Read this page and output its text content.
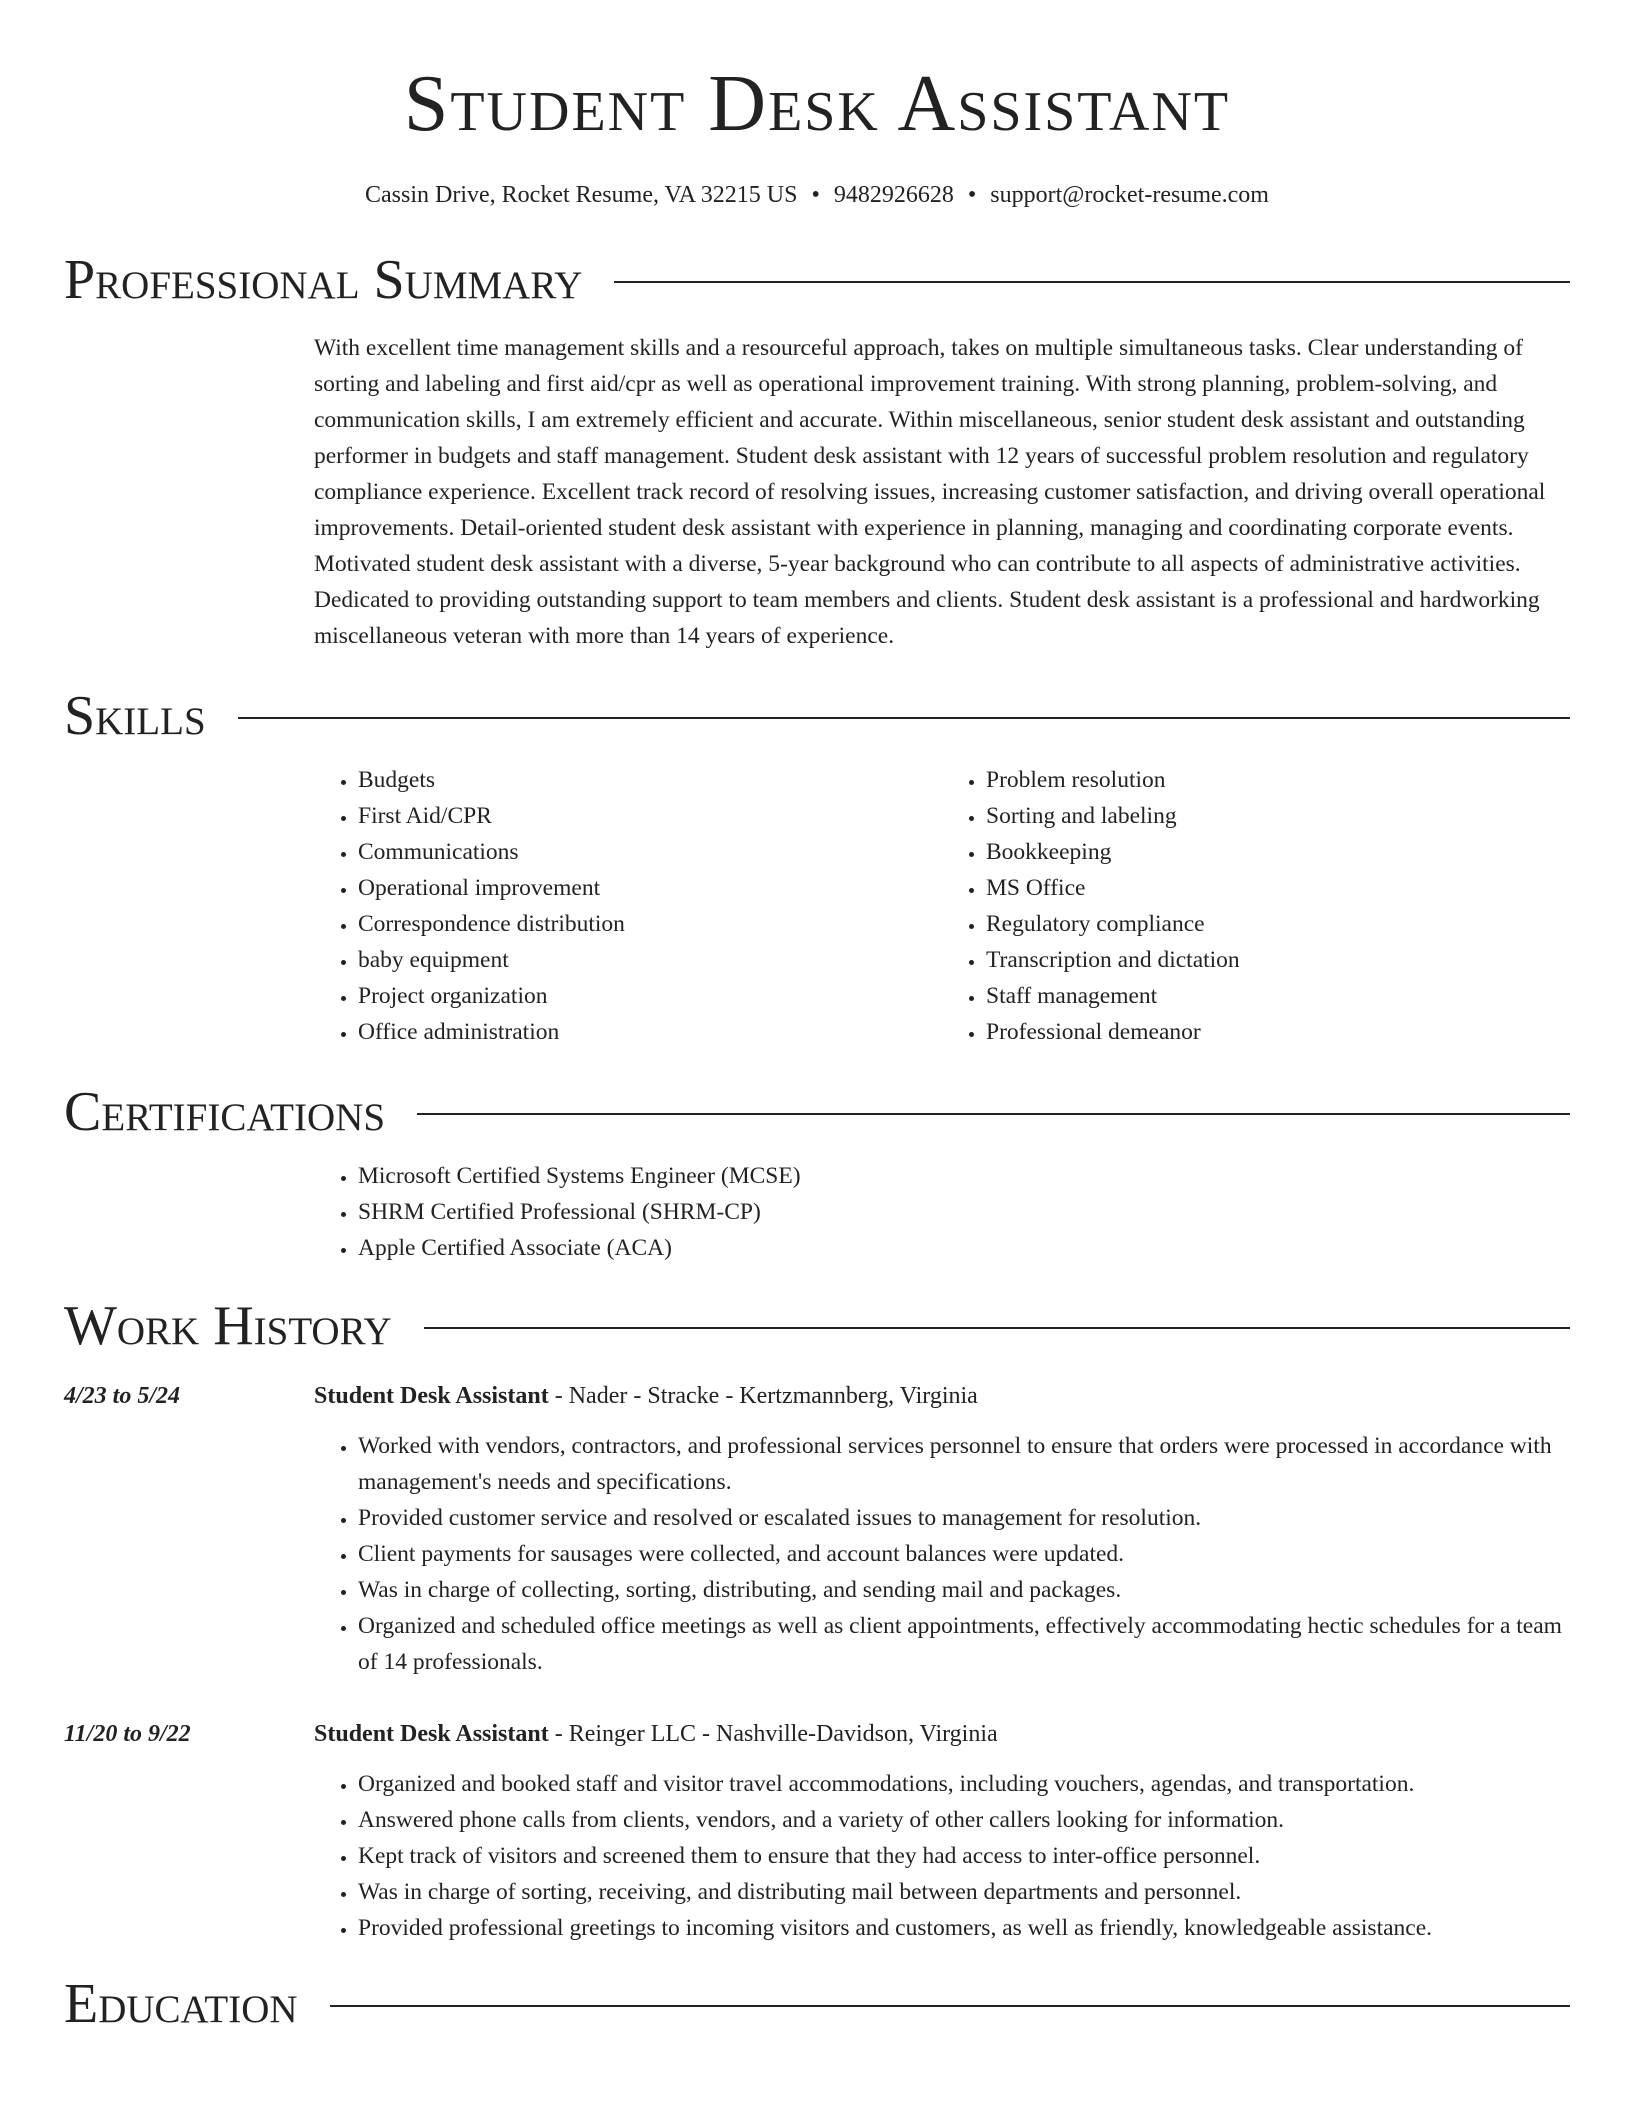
Student Desk Assistant
Cassin Drive, Rocket Resume, VA 32215 US • 9482926628 • support@rocket-resume.com
Professional Summary
With excellent time management skills and a resourceful approach, takes on multiple simultaneous tasks. Clear understanding of sorting and labeling and first aid/cpr as well as operational improvement training. With strong planning, problem-solving, and communication skills, I am extremely efficient and accurate. Within miscellaneous, senior student desk assistant and outstanding performer in budgets and staff management. Student desk assistant with 12 years of successful problem resolution and regulatory compliance experience. Excellent track record of resolving issues, increasing customer satisfaction, and driving overall operational improvements. Detail-oriented student desk assistant with experience in planning, managing and coordinating corporate events. Motivated student desk assistant with a diverse, 5-year background who can contribute to all aspects of administrative activities. Dedicated to providing outstanding support to team members and clients. Student desk assistant is a professional and hardworking miscellaneous veteran with more than 14 years of experience.
Skills
• Budgets
• First Aid/CPR
• Communications
• Operational improvement
• Correspondence distribution
• baby equipment
• Project organization
• Office administration
• Problem resolution
• Sorting and labeling
• Bookkeeping
• MS Office
• Regulatory compliance
• Transcription and dictation
• Staff management
• Professional demeanor
Certifications
• Microsoft Certified Systems Engineer (MCSE)
• SHRM Certified Professional (SHRM-CP)
• Apple Certified Associate (ACA)
Work History
4/23 to 5/24	Student Desk Assistant - Nader - Stracke - Kertzmannberg, Virginia
• Worked with vendors, contractors, and professional services personnel to ensure that orders were processed in accordance with management's needs and specifications.
• Provided customer service and resolved or escalated issues to management for resolution.
• Client payments for sausages were collected, and account balances were updated.
• Was in charge of collecting, sorting, distributing, and sending mail and packages.
• Organized and scheduled office meetings as well as client appointments, effectively accommodating hectic schedules for a team of 14 professionals.
11/20 to 9/22	Student Desk Assistant - Reinger LLC - Nashville-Davidson, Virginia
• Organized and booked staff and visitor travel accommodations, including vouchers, agendas, and transportation.
• Answered phone calls from clients, vendors, and a variety of other callers looking for information.
• Kept track of visitors and screened them to ensure that they had access to inter-office personnel.
• Was in charge of sorting, receiving, and distributing mail between departments and personnel.
• Provided professional greetings to incoming visitors and customers, as well as friendly, knowledgeable assistance.
Education
